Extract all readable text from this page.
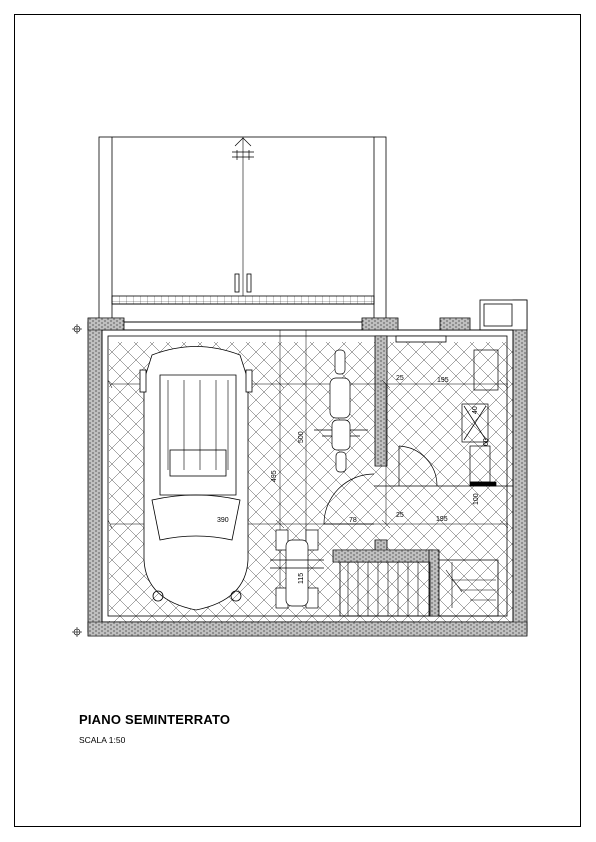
25	195
390	78
25
195
495
500
115
100
40
60
PIANO SEMINTERRATO
SCALA 1:50
